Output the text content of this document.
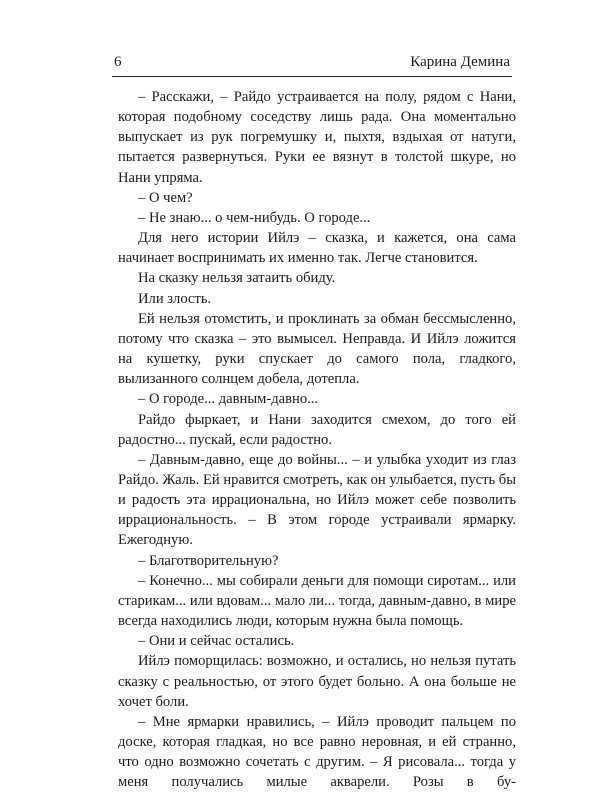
6	Карина Демина

– Расскажи, – Райдо устраивается на полу, рядом с Нани, которая подобному соседству лишь рада. Она моментально выпускает из рук погремушку и, пыхтя, вздыхая от натуги, пытается развернуться. Руки ее вязнут в толстой шкуре, но Нани упряма.

– О чем?

– Не знаю... о чем-нибудь. О городе...

Для него истории Ийлэ – сказка, и кажется, она сама начинает воспринимать их именно так. Легче становится.

На сказку нельзя затаить обиду.

Или злость.

Ей нельзя отомстить, и проклинать за обман бессмысленно, потому что сказка – это вымысел. Неправда. И Ийлэ ложится на кушетку, руки спускает до самого пола, гладкого, вылизанного солнцем добела, дотепла.

– О городе... давным-давно...

Райдо фыркает, и Нани заходится смехом, до того ей радостно... пускай, если радостно.

– Давным-давно, еще до войны... – и улыбка уходит из глаз Райдо. Жаль. Ей нравится смотреть, как он улыбается, пусть бы и радость эта иррациональна, но Ийлэ может себе позволить иррациональность. – В этом городе устраивали ярмарку. Ежегодную.

– Благотворительную?

– Конечно... мы собирали деньги для помощи сиротам... или старикам... или вдовам... мало ли... тогда, давным-давно, в мире всегда находились люди, которым нужна была помощь.

– Они и сейчас остались.

Ийлэ поморщилась: возможно, и остались, но нельзя путать сказку с реальностью, от этого будет больно. А она больше не хочет боли.

– Мне ярмарки нравились, – Ийлэ проводит пальцем по доске, которая гладкая, но все равно неровная, и ей странно, что одно возможно сочетать с другим. – Я рисовала... тогда у меня получались милые акварели. Розы в бу-
